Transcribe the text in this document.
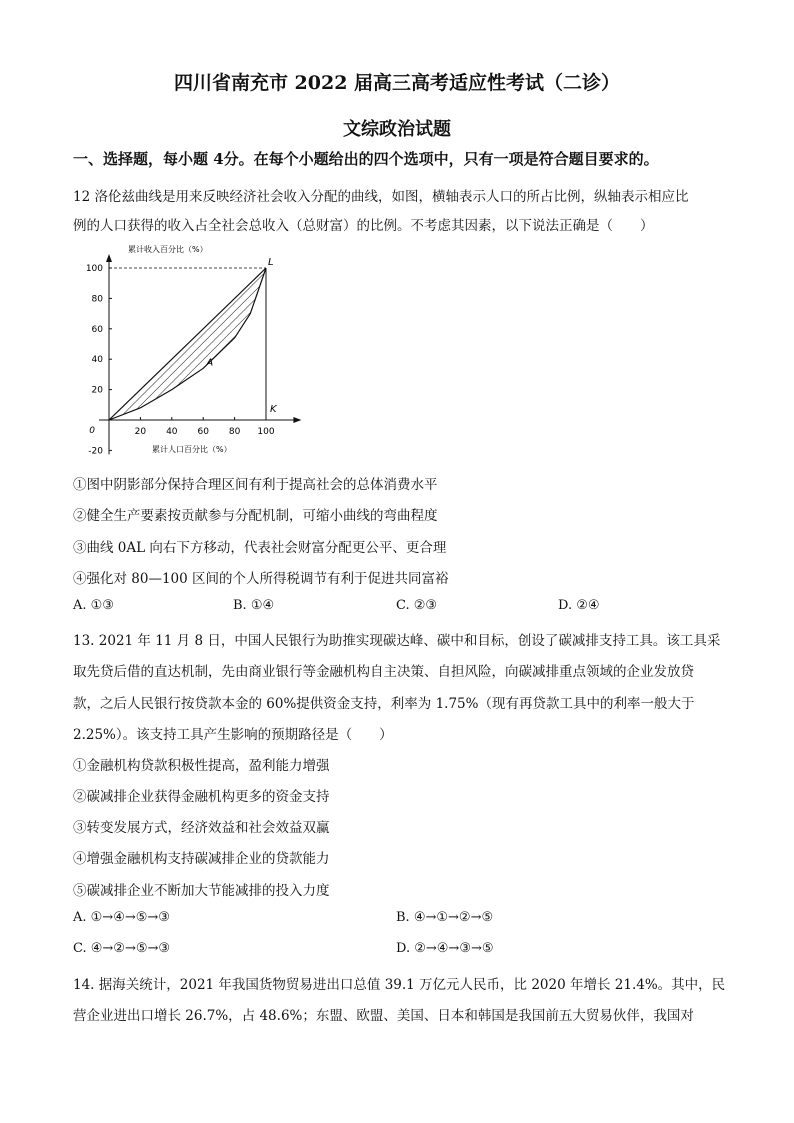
四川省南充市 2022 届高三高考适应性考试（二诊）
文综政治试题
一、选择题，每小题 4分。在每个小题给出的四个选项中，只有一项是符合题目要求的。
12 洛伦兹曲线是用来反映经济社会收入分配的曲线，如图，横轴表示人口的所占比例，纵轴表示相应比
例的人口获得的收入占全社会总收入（总财富）的比例。不考虑其因素，以下说法正确是（　　）
累计收入百分比（%）
累计人口百分比（%）
100
80
60
40
20
0
-20
20 40 60 80 100
L
K
A
①图中阴影部分保持合理区间有利于提高社会的总体消费水平
②健全生产要素按贡献参与分配机制，可缩小曲线的弯曲程度
③曲线 0AL 向右下方移动，代表社会财富分配更公平、更合理
④强化对 80—100 区间的个人所得税调节有利于促进共同富裕
A. ①③	B. ①④	C. ②③	D. ②④
13. 2021 年 11 月 8 日，中国人民银行为助推实现碳达峰、碳中和目标，创设了碳减排支持工具。该工具采
取先贷后借的直达机制，先由商业银行等金融机构自主决策、自担风险，向碳减排重点领域的企业发放贷
款，之后人民银行按贷款本金的 60%提供资金支持，利率为 1.75%（现有再贷款工具中的利率一般大于
2.25%）。该支持工具产生影响的预期路径是（　　）
①金融机构贷款积极性提高，盈利能力增强
②碳减排企业获得金融机构更多的资金支持
③转变发展方式，经济效益和社会效益双赢
④增强金融机构支持碳减排企业的贷款能力
⑤碳减排企业不断加大节能减排的投入力度
A. ①→④→⑤→③	B. ④→①→②→⑤
C. ④→②→⑤→③	D. ②→④→③→⑤
14. 据海关统计，2021 年我国货物贸易进出口总值 39.1 万亿元人民币，比 2020 年增长 21.4%。其中，民
营企业进出口增长 26.7%，占 48.6%；东盟、欧盟、美国、日本和韩国是我国前五大贸易伙伴，我国对
